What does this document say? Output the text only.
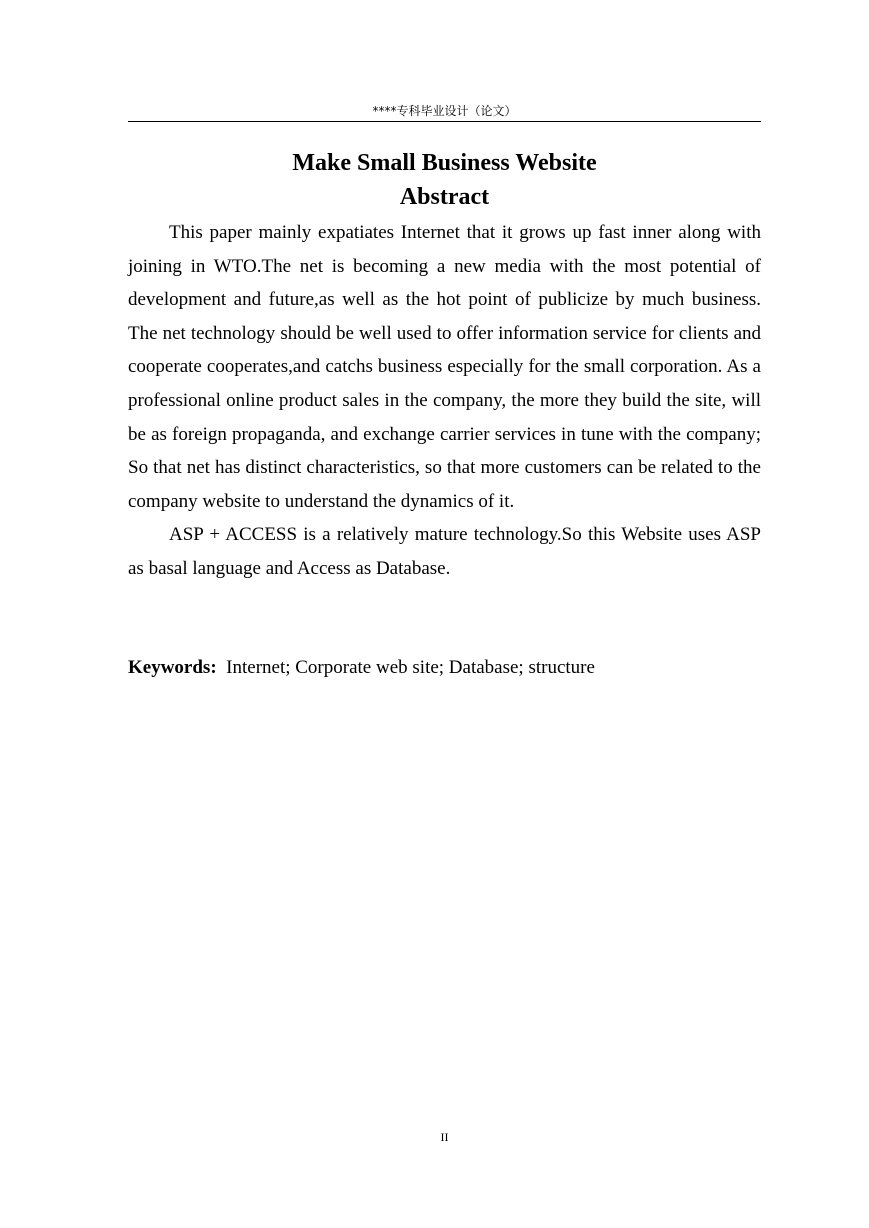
****专科毕业设计（论文）
Make Small Business Website
Abstract

This paper mainly expatiates Internet that it grows up fast inner along with joining in WTO.The net is becoming a new media with the most potential of development and future,as well as the hot point of publicize by much business. The net technology should be well used to offer information service for clients and cooperate cooperates,and catchs business especially for the small corporation. As a professional online product sales in the company, the more they build the site, will be as foreign propaganda, and exchange carrier services in tune with the company; So that net has distinct characteristics, so that more customers can be related to the company website to understand the dynamics of it.

ASP + ACCESS is a relatively mature technology.So this Website uses ASP as basal language and Access as Database.

Keywords: Internet; Corporate web site; Database; structure
II
